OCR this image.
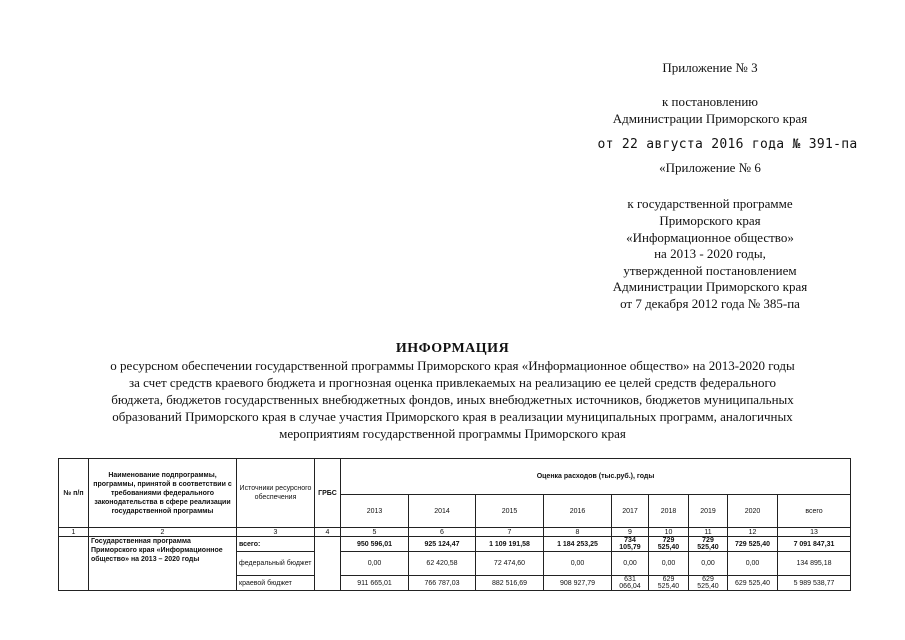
Приложение № 3
к постановлению
Администрации Приморского края
от 22 августа 2016 года № 391-па
«Приложение № 6
к государственной программе
Приморского края
«Информационное общество»
на 2013 - 2020 годы,
утвержденной постановлением
Администрации Приморского края
от 7 декабря 2012 года № 385-па
ИНФОРМАЦИЯ
о ресурсном обеспечении государственной программы Приморского края «Информационное общество» на 2013-2020 годы
за счет средств краевого бюджета и прогнозная оценка привлекаемых на реализацию ее целей средств федерального
бюджета, бюджетов государственных внебюджетных фондов, иных внебюджетных источников, бюджетов муниципальных
образований Приморского края в случае участия Приморского края в реализации муниципальных программ, аналогичных
мероприятиям государственной программы Приморского края
№ п/п	Наименование подпрограммы, программы, принятой в соответствии с требованиями федерального законодательства в сфере реализации государственной программы	Источники ресурсного обеспечения	ГРБС	Оценка расходов (тыс.руб.), годы								
				2013	2014	2015	2016	2017	2018	2019	2020	всего
1	2	3	4	5	6	7	8	9	10	11	12	13
	Государственная программа Приморского края «Информационное общество» на 2013 – 2020 годы	всего:		950 596,01	925 124,47	1 109 191,58	1 184 253,25	734 105,79	729 525,40	729 525,40	729 525,40	7 091 847,31
		федеральный бюджет		0,00	62 420,58	72 474,60	0,00	0,00	0,00	0,00	0,00	134 895,18
		краевой бюджет		911 665,01	766 787,03	882 516,69	908 927,79	631 066,04	629 525,40	629 525,40	629 525,40	5 989 538,77
